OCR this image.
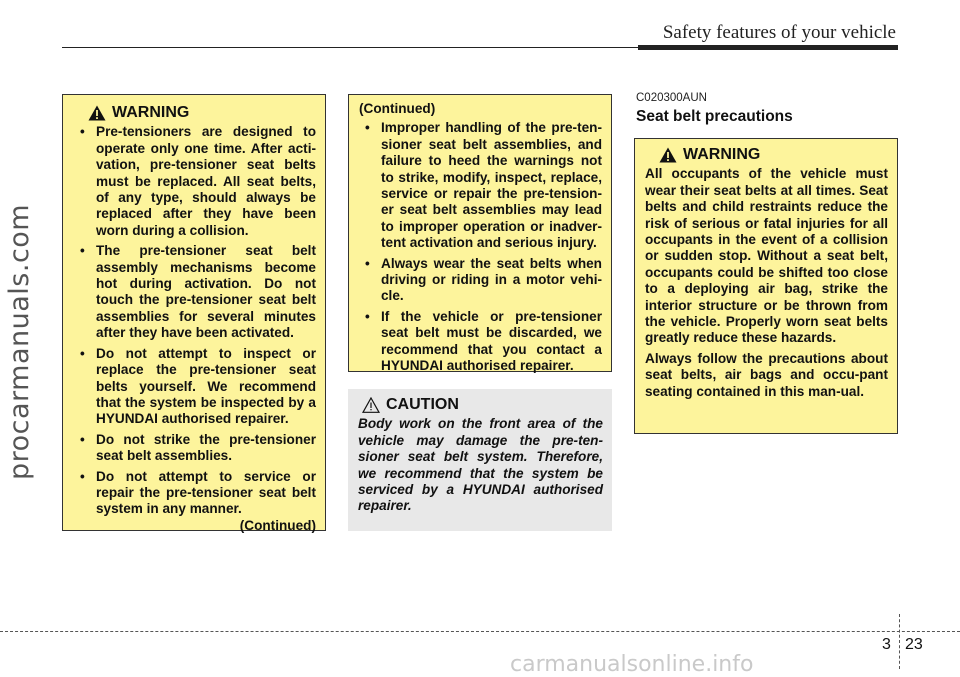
Safety features of your vehicle
procarmanuals.com
WARNING
• Pre-tensioners are designed to operate only one time. After acti-vation, pre-tensioner seat belts must be replaced. All seat belts, of any type, should always be replaced after they have been worn during a collision.
• The pre-tensioner seat belt assembly mechanisms become hot during activation. Do not touch the pre-tensioner seat belt assemblies for several minutes after they have been activated.
• Do not attempt to inspect or replace the pre-tensioner seat belts yourself. We recommend that the system be inspected by a HYUNDAI authorised repairer.
• Do not strike the pre-tensioner seat belt assemblies.
• Do not attempt to service or repair the pre-tensioner seat belt system in any manner.
(Continued)
(Continued)
• Improper handling of the pre-ten-sioner seat belt assemblies, and failure to heed the warnings not to strike, modify, inspect, replace, service or repair the pre-tension-er seat belt assemblies may lead to improper operation or inadver-tent activation and serious injury.
• Always wear the seat belts when driving or riding in a motor vehi-cle.
• If the vehicle or pre-tensioner seat belt must be discarded, we recommend that you contact a HYUNDAI authorised repairer.
CAUTION

Body work on the front area of the vehicle may damage the pre-ten-sioner seat belt system. Therefore, we recommend that the system be serviced by a HYUNDAI authorised repairer.

C020300AUN
Seat belt precautions
WARNING

All occupants of the vehicle must wear their seat belts at all times. Seat belts and child restraints reduce the risk of serious or fatal injuries for all occupants in the event of a collision or sudden stop. Without a seat belt, occupants could be shifted too close to a deploying air bag, strike the interior structure or be thrown from the vehicle. Properly worn seat belts greatly reduce these hazards.

Always follow the precautions about seat belts, air bags and occu-pant seating contained in this man-ual.

3 23
carmanualsonline.info
